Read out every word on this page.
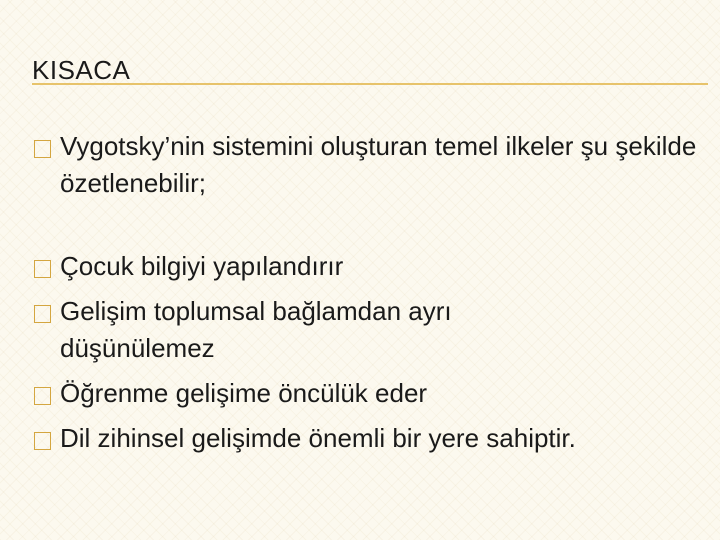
KISACA
Vygotsky’nin sistemini oluşturan temel ilkeler şu şekilde özetlenebilir;
Çocuk bilgiyi yapılandırır
Gelişim toplumsal bağlamdan ayrı düşünülemez
Öğrenme gelişime öncülük eder
Dil zihinsel gelişimde önemli bir yere sahiptir.
